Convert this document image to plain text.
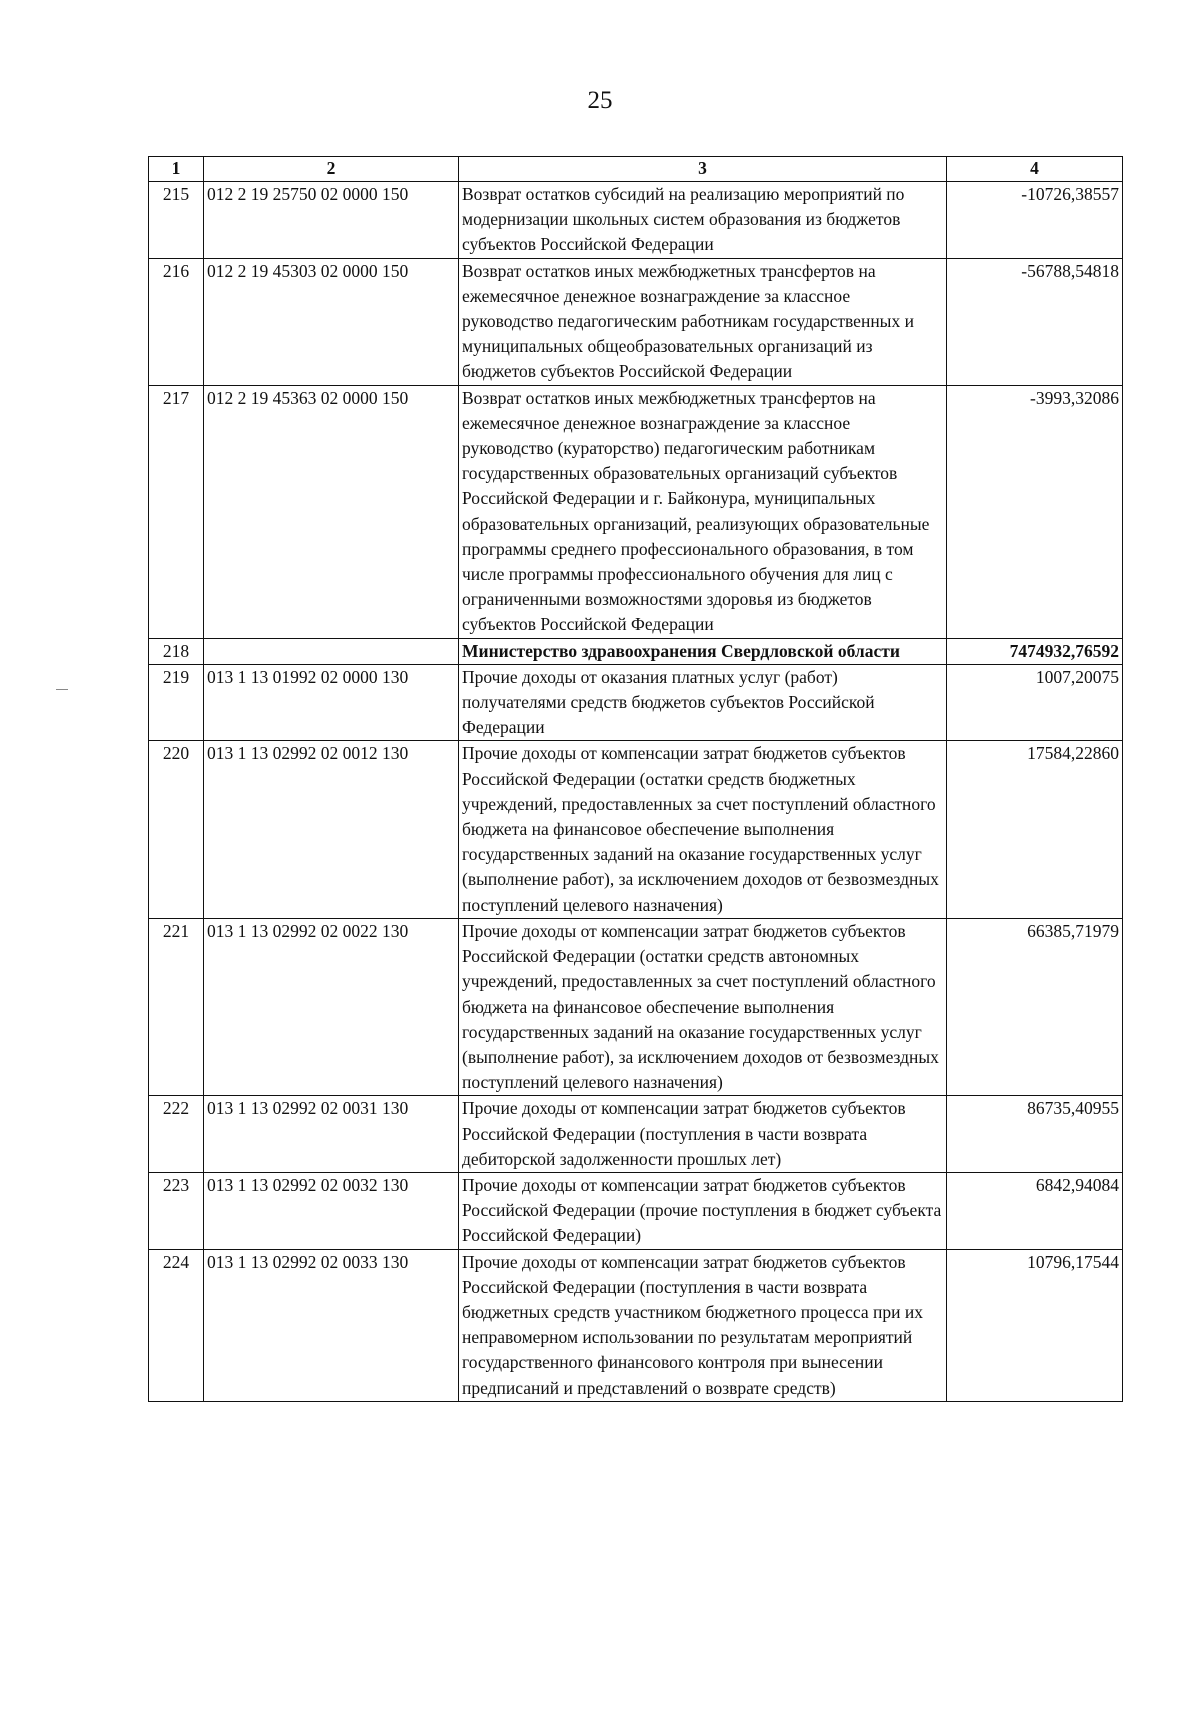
25
1	2	3	4
215	012 2 19 25750 02 0000 150	Возврат остатков субсидий на реализацию мероприятий по модернизации школьных систем образования из бюджетов субъектов Российской Федерации	-10726,38557
216	012 2 19 45303 02 0000 150	Возврат остатков иных межбюджетных трансфертов на ежемесячное денежное вознаграждение за классное руководство педагогическим работникам государственных и муниципальных общеобразовательных организаций из бюджетов субъектов Российской Федерации	-56788,54818
217	012 2 19 45363 02 0000 150	Возврат остатков иных межбюджетных трансфертов на ежемесячное денежное вознаграждение за классное руководство (кураторство) педагогическим работникам государственных образовательных организаций субъектов Российской Федерации и г. Байконура, муниципальных образовательных организаций, реализующих образовательные программы среднего профессионального образования, в том числе программы профессионального обучения для лиц с ограниченными возможностями здоровья из бюджетов субъектов Российской Федерации	-3993,32086
218		Министерство здравоохранения Свердловской области	7474932,76592
219	013 1 13 01992 02 0000 130	Прочие доходы от оказания платных услуг (работ) получателями средств бюджетов субъектов Российской Федерации	1007,20075
220	013 1 13 02992 02 0012 130	Прочие доходы от компенсации затрат бюджетов субъектов Российской Федерации (остатки средств бюджетных учреждений, предоставленных за счет поступлений областного бюджета на финансовое обеспечение выполнения государственных заданий на оказание государственных услуг (выполнение работ), за исключением доходов от безвозмездных поступлений целевого назначения)	17584,22860
221	013 1 13 02992 02 0022 130	Прочие доходы от компенсации затрат бюджетов субъектов Российской Федерации (остатки средств автономных учреждений, предоставленных за счет поступлений областного бюджета на финансовое обеспечение выполнения государственных заданий на оказание государственных услуг (выполнение работ), за исключением доходов от безвозмездных поступлений целевого назначения)	66385,71979
222	013 1 13 02992 02 0031 130	Прочие доходы от компенсации затрат бюджетов субъектов Российской Федерации (поступления в части возврата дебиторской задолженности прошлых лет)	86735,40955
223	013 1 13 02992 02 0032 130	Прочие доходы от компенсации затрат бюджетов субъектов Российской Федерации (прочие поступления в бюджет субъекта Российской Федерации)	6842,94084
224	013 1 13 02992 02 0033 130	Прочие доходы от компенсации затрат бюджетов субъектов Российской Федерации (поступления в части возврата бюджетных средств участником бюджетного процесса при их неправомерном использовании по результатам мероприятий государственного финансового контроля при вынесении предписаний и представлений о возврате средств)	10796,17544
